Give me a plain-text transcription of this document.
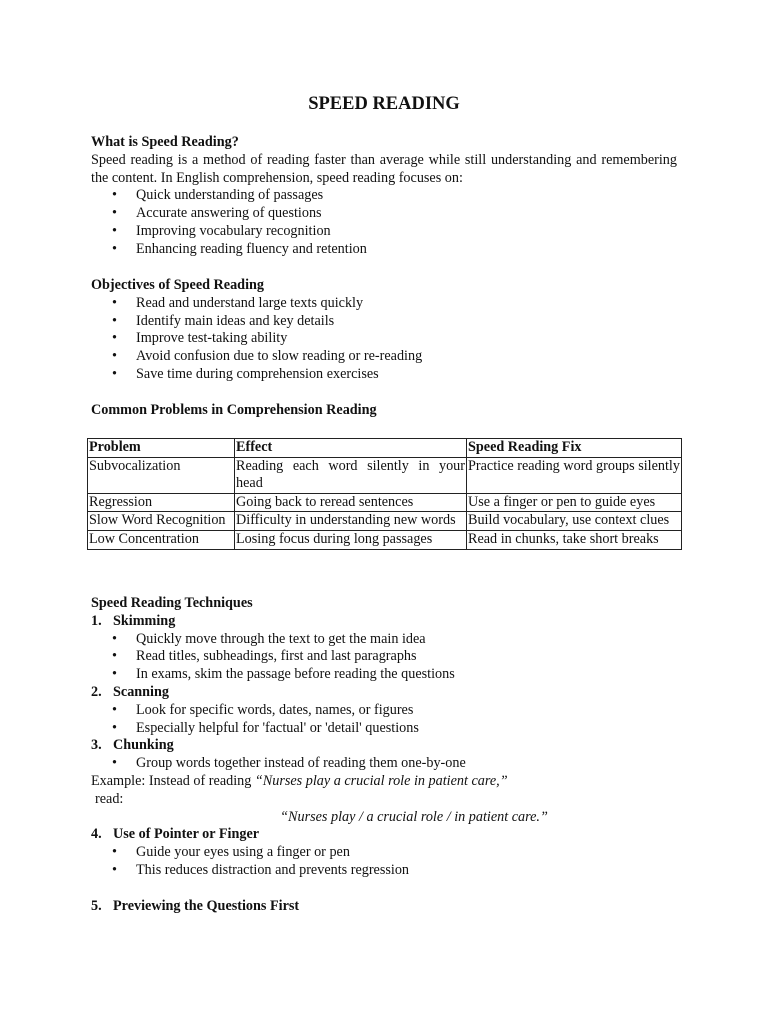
SPEED READING

What is Speed Reading?

Speed reading is a method of reading faster than average while still understanding and remembering the content. In English comprehension, speed reading focuses on:

• Quick understanding of passages
• Accurate answering of questions
• Improving vocabulary recognition
• Enhancing reading fluency and retention

Objectives of Speed Reading

• Read and understand large texts quickly
• Identify main ideas and key details
• Improve test-taking ability
• Avoid confusion due to slow reading or re-reading
• Save time during comprehension exercises

Common Problems in Comprehension Reading

Problem	Effect	Speed Reading Fix
Subvocalization	Reading each word silently in your head	Practice reading word groups silently
Regression	Going back to reread sentences	Use a finger or pen to guide eyes
Slow Word Recognition	Difficulty in understanding new words	Build vocabulary, use context clues
Low Concentration	Losing focus during long passages	Read in chunks, take short breaks

Speed Reading Techniques

1. Skimming
• Quickly move through the text to get the main idea
• Read titles, subheadings, first and last paragraphs
• In exams, skim the passage before reading the questions
2. Scanning
• Look for specific words, dates, names, or figures
• Especially helpful for 'factual' or 'detail' questions
3. Chunking
• Group words together instead of reading them one-by-one
Example: Instead of reading “Nurses play a crucial role in patient care,”
read:
“Nurses play / a crucial role / in patient care.”
4. Use of Pointer or Finger
• Guide your eyes using a finger or pen
• This reduces distraction and prevents regression
5. Previewing the Questions First
